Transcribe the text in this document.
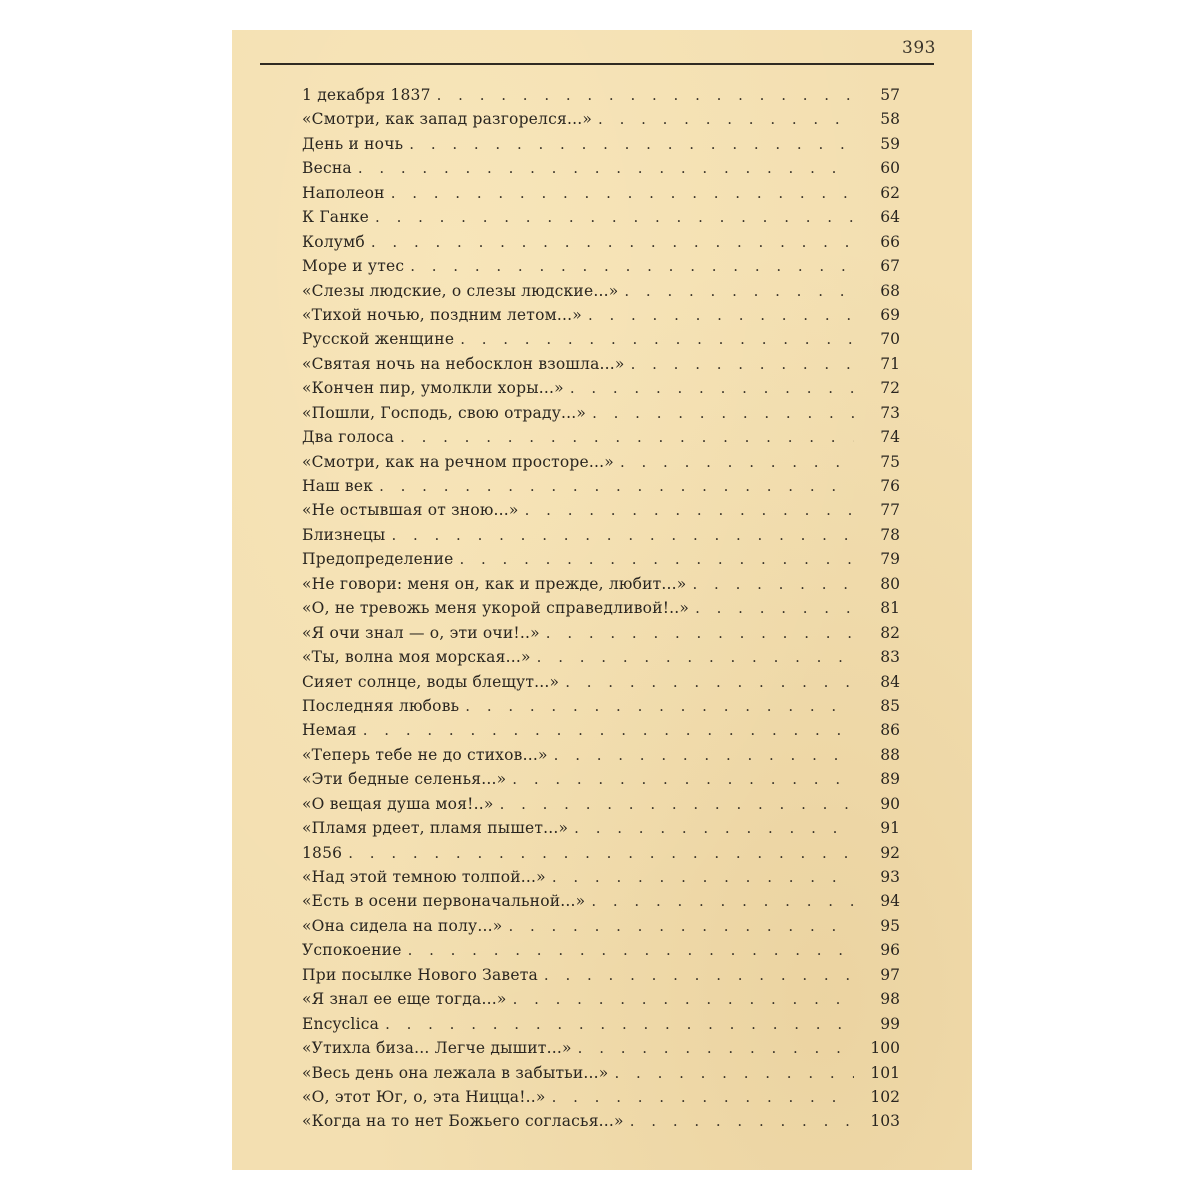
393
1 декабря 1837 . . .	57
«Смотри, как запад разгорелся...» . . .	58
День и ночь . . .	59
Весна . . .	60
Наполеон . . .	62
К Ганке . . .	64
Колумб . . .	66
Море и утес . . .	67
«Слезы людские, о слезы людские...» . . .	68
«Тихой ночью, поздним летом...» . . .	69
Русской женщине . . .	70
«Святая ночь на небосклон взошла...» . . .	71
«Кончен пир, умолкли хоры...» . . .	72
«Пошли, Господь, свою отраду...» . . .	73
Два голоса . . .	74
«Смотри, как на речном просторе...» . . .	75
Наш век . . .	76
«Не остывшая от зною...» . . .	77
Близнецы . . .	78
Предопределение . . .	79
«Не говори: меня он, как и прежде, любит...» . . .	80
«О, не тревожь меня укорой справедливой!..» . . .	81
«Я очи знал — о, эти очи!..» . . .	82
«Ты, волна моя морская...» . . .	83
Сияет солнце, воды блещут...» . . .	84
Последняя любовь . . .	85
Немая . . .	86
«Теперь тебе не до стихов...» . . .	88
«Эти бедные селенья...» . . .	89
«О вещая душа моя!..» . . .	90
«Пламя рдеет, пламя пышет...» . . .	91
1856 . . .	92
«Над этой темною толпой...» . . .	93
«Есть в осени первоначальной...» . . .	94
«Она сидела на полу...» . . .	95
Успокоение . . .	96
При посылке Нового Завета . . .	97
«Я знал ее еще тогда...» . . .	98
Encyclica . . .	99
«Утихла биза... Легче дышит...» . . .	100
«Весь день она лежала в забытьи...» . . .	101
«О, этот Юг, о, эта Ницца!..» . . .	102
«Когда на то нет Божьего согласья...» . . .	103
